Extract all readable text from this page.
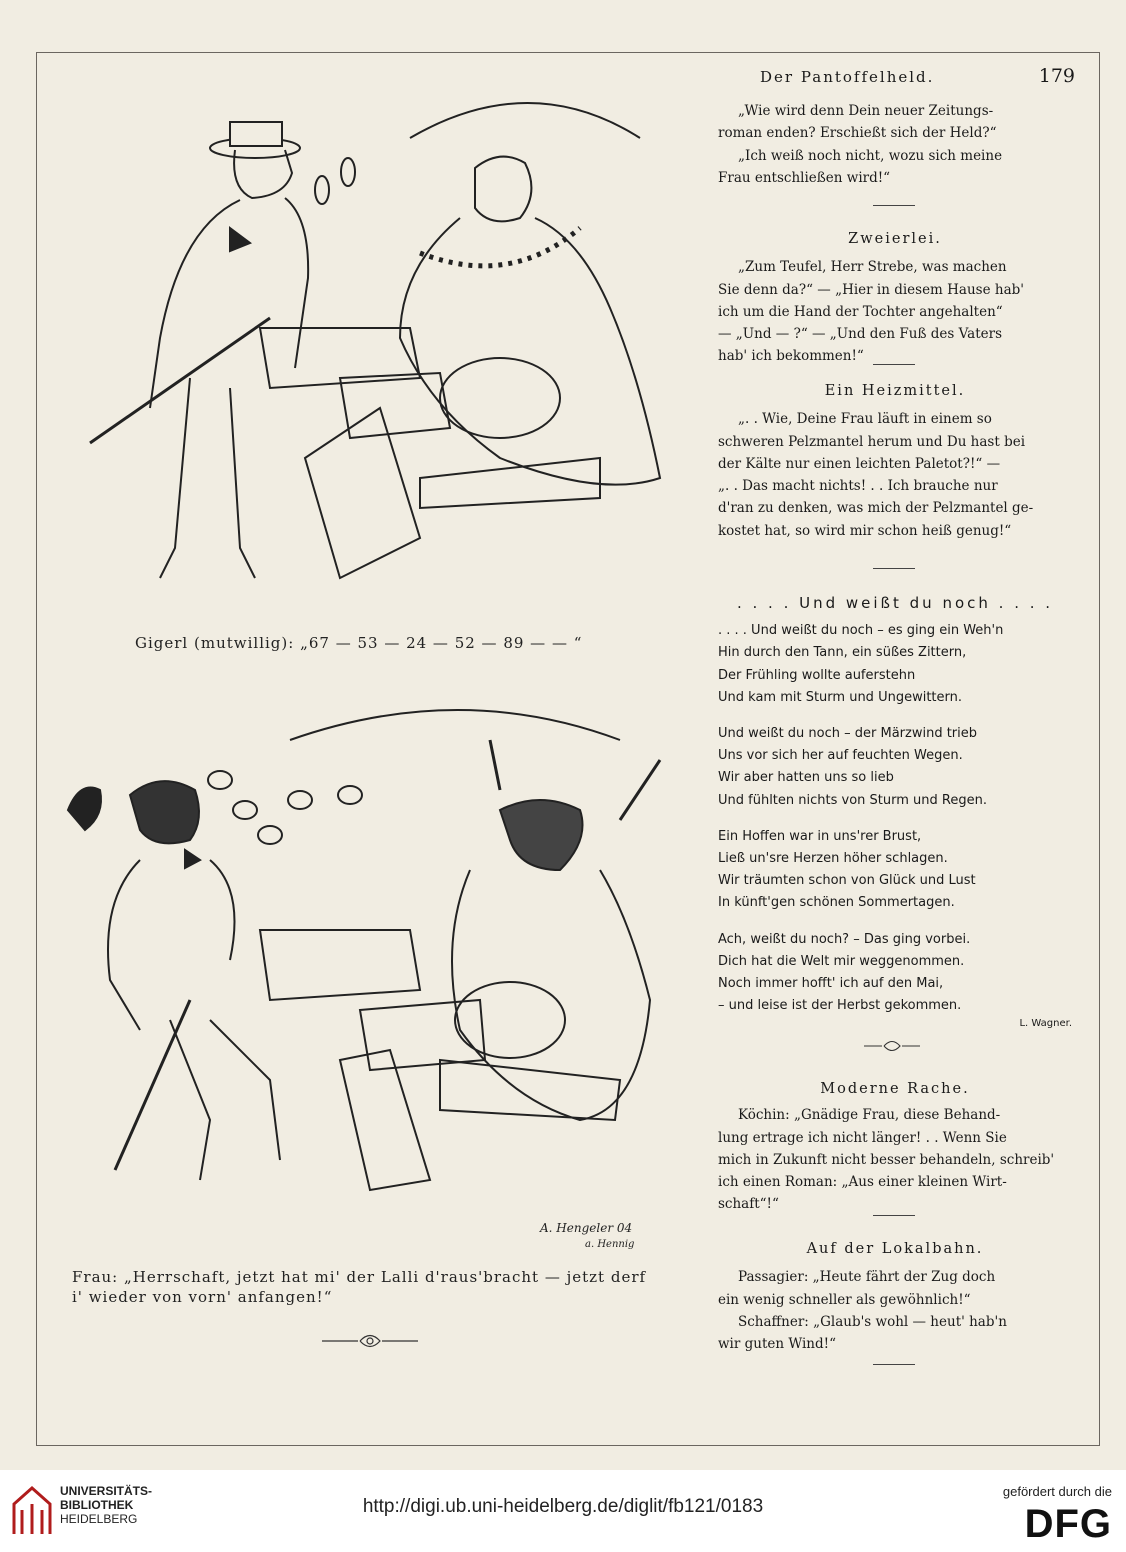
Gigerl (mutwillig): „67 — 53 — 24 — 52 — 89 — — “
A. Hengeler 04
a. Hennig
Frau: „Herrschaft, jetzt hat mi' der Lalli d'raus'bracht — jetzt derf
i' wieder von vorn' anfangen!“
Der Pantoffelheld.	179

„Wie wird denn Dein neuer Zeitungs-

roman enden? Erschießt sich der Held?“

„Ich weiß noch nicht, wozu sich meine

Frau entschließen wird!“

Zweierlei.

„Zum Teufel, Herr Strebe, was machen

Sie denn da?“ — „Hier in diesem Hause hab'

ich um die Hand der Tochter angehalten“

— „Und — ?“ — „Und den Fuß des Vaters

hab' ich bekommen!“

Ein Heizmittel.

„. . Wie, Deine Frau läuft in einem so

schweren Pelzmantel herum und Du hast bei

der Kälte nur einen leichten Paletot?!“ —

„. . Das macht nichts! . . Ich brauche nur

d'ran zu denken, was mich der Pelzmantel ge-

kostet hat, so wird mir schon heiß genug!“

. . . . Und weißt du noch . . . .

. . . . Und weißt du noch – es ging ein Weh'n
Hin durch den Tann, ein süßes Zittern,
Der Frühling wollte auferstehn
Und kam mit Sturm und Ungewittern.
Und weißt du noch – der Märzwind trieb
Uns vor sich her auf feuchten Wegen.
Wir aber hatten uns so lieb
Und fühlten nichts von Sturm und Regen.
Ein Hoffen war in uns'rer Brust,
Ließ un'sre Herzen höher schlagen.
Wir träumten schon von Glück und Lust
In künft'gen schönen Sommertagen.
Ach, weißt du noch? – Das ging vorbei.
Dich hat die Welt mir weggenommen.
Noch immer hofft' ich auf den Mai,
– und leise ist der Herbst gekommen.
L. Wagner.

Moderne Rache.

Köchin: „Gnädige Frau, diese Behand-

lung ertrage ich nicht länger! . . Wenn Sie

mich in Zukunft nicht besser behandeln, schreib'

ich einen Roman: „Aus einer kleinen Wirt-

schaft“!“

Auf der Lokalbahn.

Passagier: „Heute fährt der Zug doch

ein wenig schneller als gewöhnlich!“

Schaffner: „Glaub's wohl — heut' hab'n

wir guten Wind!“

UNIVERSITÄTS-
BIBLIOTHEK
HEIDELBERG
http://digi.ub.uni-heidelberg.de/diglit/fb121/0183
gefördert durch die
DFG
